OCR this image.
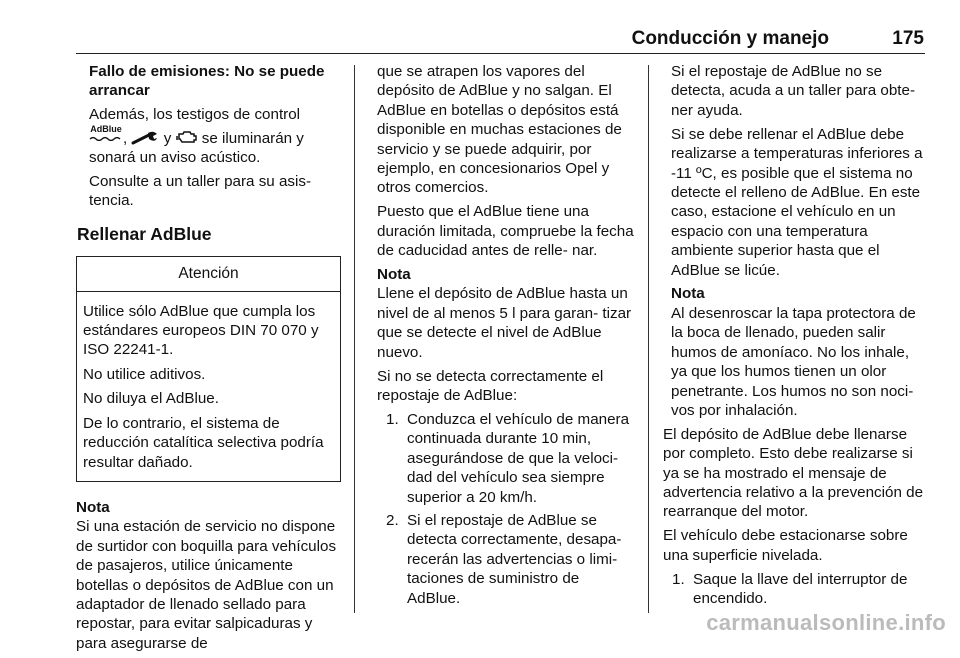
Conducción y manejo	175

Fallo de emisiones: No se puede arrancar

Además, los testigos de control
AdBlue
, y se iluminarán y sonará un aviso acústico.

Consulte a un taller para su asis- tencia.

Rellenar AdBlue

Atención

Utilice sólo AdBlue que cumpla los estándares europeos DIN 70 070 y ISO 22241-1.

No utilice aditivos.

No diluya el AdBlue.

De lo contrario, el sistema de reducción catalítica selectiva podría resultar dañado.

Nota

Si una estación de servicio no dispone de surtidor con boquilla para vehículos de pasajeros, utilice únicamente botellas o depósitos de AdBlue con un adaptador de llenado sellado para repostar, para evitar salpicaduras y para asegurarse de

que se atrapen los vapores del depósito de AdBlue y no salgan. El AdBlue en botellas o depósitos está disponible en muchas estaciones de servicio y se puede adquirir, por ejemplo, en concesionarios Opel y otros comercios.

Puesto que el AdBlue tiene una duración limitada, compruebe la fecha de caducidad antes de relle- nar.

Nota

Llene el depósito de AdBlue hasta un nivel de al menos 5 l para garan- tizar que se detecte el nivel de AdBlue nuevo.

Si no se detecta correctamente el repostaje de AdBlue:

1. Conduzca el vehículo de manera continuada durante 10 min, asegurándose de que la veloci- dad del vehículo sea siempre superior a 20 km/h.
2. Si el repostaje de AdBlue se detecta correctamente, desapa- recerán las advertencias o limi- taciones de suministro de AdBlue.

Si el repostaje de AdBlue no se detecta, acuda a un taller para obte- ner ayuda.

Si se debe rellenar el AdBlue debe realizarse a temperaturas inferiores a -11 ºC, es posible que el sistema no detecte el relleno de AdBlue. En este caso, estacione el vehículo en un espacio con una temperatura ambiente superior hasta que el AdBlue se licúe.

Nota

Al desenroscar la tapa protectora de la boca de llenado, pueden salir humos de amoníaco. No los inhale, ya que los humos tienen un olor penetrante. Los humos no son noci- vos por inhalación.

El depósito de AdBlue debe llenarse por completo. Esto debe realizarse si ya se ha mostrado el mensaje de advertencia relativo a la prevención de rearranque del motor.

El vehículo debe estacionarse sobre una superficie nivelada.

1. Saque la llave del interruptor de encendido.
carmanualsonline.info
